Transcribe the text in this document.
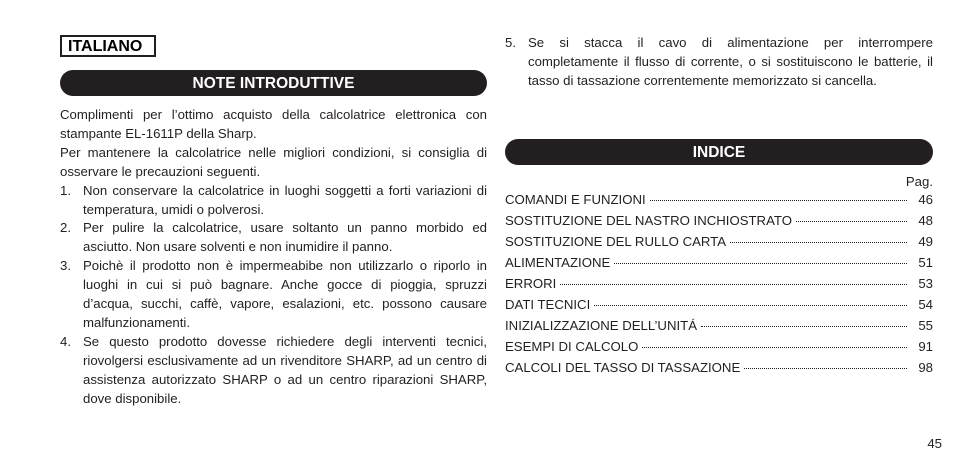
ITALIANO
NOTE INTRODUTTIVE

Complimenti per l’ottimo acquisto della calcolatrice elettronica con stampante EL-1611P della Sharp.

Per mantenere la calcolatrice nelle migliori condizioni, si consiglia di osservare le precauzioni seguenti.

1. Non conservare la calcolatrice in luoghi soggetti a forti variazioni di temperatura, umidi o polverosi.
2. Per pulire la calcolatrice, usare soltanto un panno morbido ed asciutto. Non usare solventi e non inumidire il panno.
3. Poichè il prodotto non è impermeabibe non utilizzarlo o riporlo in luoghi in cui si può bagnare. Anche gocce di pioggia, spruzzi d’acqua, succhi, caffè, vapore, esalazioni, etc. possono causare malfunzionamenti.
4. Se questo prodotto dovesse richiedere degli interventi tecnici, riovolgersi esclusivamente ad un rivenditore SHARP, ad un centro di assistenza autorizzato SHARP o ad un centro riparazioni SHARP, dove disponibile.
5. Se si stacca il cavo di alimentazione per interrompere completamente il flusso di corrente, o si sostituiscono le batterie, il tasso di tassazione correntemente memorizzato si cancella.
INDICE
Pag.
COMANDI E FUNZIONI	46
SOSTITUZIONE DEL NASTRO INCHIOSTRATO	48
SOSTITUZIONE DEL RULLO CARTA	49
ALIMENTAZIONE	51
ERRORI	53
DATI TECNICI	54
INIZIALIZZAZIONE DELL’UNITÁ	55
ESEMPI DI CALCOLO	91
CALCOLI DEL TASSO DI TASSAZIONE	98
45
